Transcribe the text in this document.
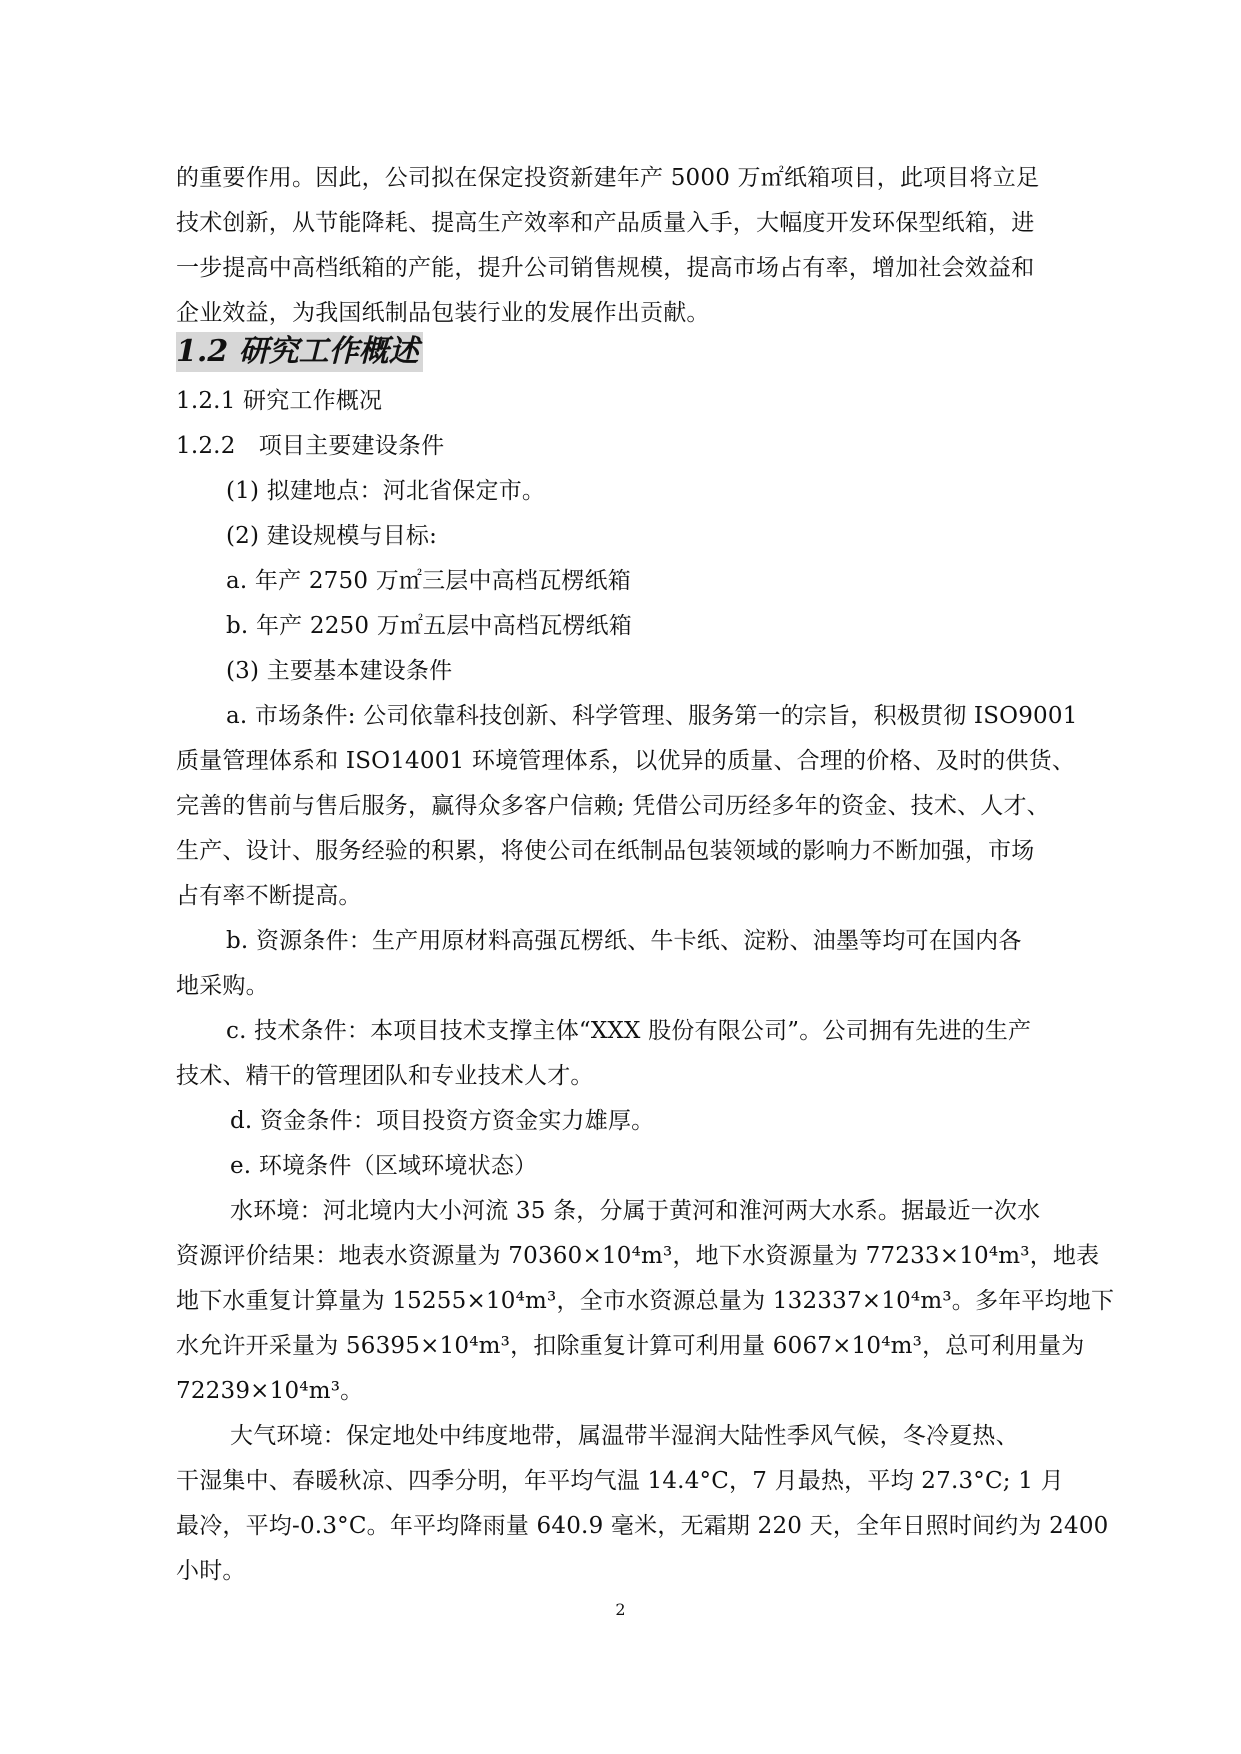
的重要作用。因此，公司拟在保定投资新建年产 5000 万㎡纸箱项目，此项目将立足
技术创新，从节能降耗、提高生产效率和产品质量入手，大幅度开发环保型纸箱，进
一步提高中高档纸箱的产能，提升公司销售规模，提高市场占有率，增加社会效益和
企业效益，为我国纸制品包装行业的发展作出贡献。
1.2 研究工作概述
1.2.1 研究工作概况
1.2.2　项目主要建设条件
(1) 拟建地点：河北省保定市。
(2) 建设规模与目标:
a. 年产 2750 万㎡三层中高档瓦楞纸箱
b. 年产 2250 万㎡五层中高档瓦楞纸箱
(3) 主要基本建设条件
a. 市场条件: 公司依靠科技创新、科学管理、服务第一的宗旨，积极贯彻 ISO9001
质量管理体系和 ISO14001 环境管理体系，以优异的质量、合理的价格、及时的供货、
完善的售前与售后服务，赢得众多客户信赖; 凭借公司历经多年的资金、技术、人才、
生产、设计、服务经验的积累，将使公司在纸制品包装领域的影响力不断加强，市场
占有率不断提高。
b. 资源条件：生产用原材料高强瓦楞纸、牛卡纸、淀粉、油墨等均可在国内各
地采购。
c. 技术条件：本项目技术支撑主体“XXX 股份有限公司”。公司拥有先进的生产
技术、精干的管理团队和专业技术人才。
d. 资金条件：项目投资方资金实力雄厚。
e. 环境条件（区域环境状态）
水环境：河北境内大小河流 35 条，分属于黄河和淮河两大水系。据最近一次水
资源评价结果：地表水资源量为 70360×10⁴m³，地下水资源量为 77233×10⁴m³，地表
地下水重复计算量为 15255×10⁴m³，全市水资源总量为 132337×10⁴m³。多年平均地下
水允许开采量为 56395×10⁴m³，扣除重复计算可利用量 6067×10⁴m³，总可利用量为
72239×10⁴m³。
大气环境：保定地处中纬度地带，属温带半湿润大陆性季风气候，冬冷夏热、
干湿集中、春暖秋凉、四季分明，年平均气温 14.4°C，7 月最热，平均 27.3°C; 1 月
最冷，平均-0.3°C。年平均降雨量 640.9 毫米，无霜期 220 天，全年日照时间约为 2400
小时。
2
